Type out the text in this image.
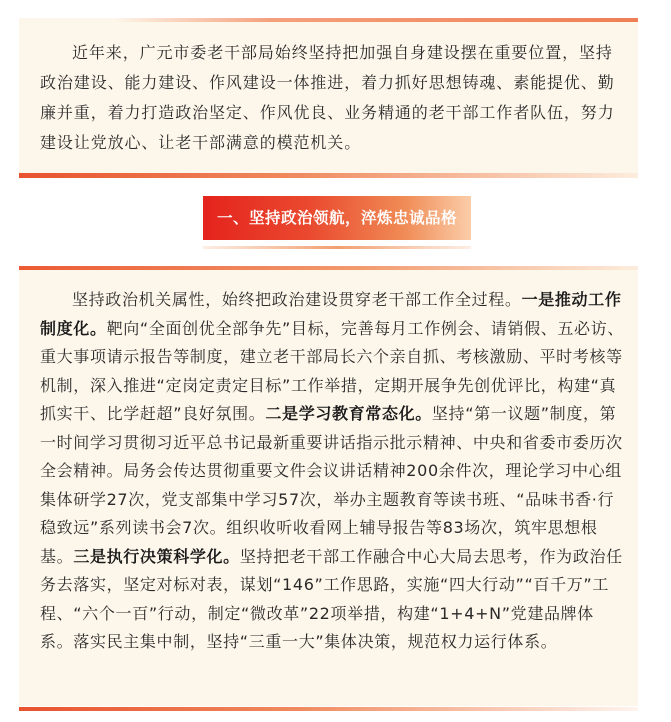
近年来，广元市委老干部局始终坚持把加强自身建设摆在重要位置，坚持政治建设、能力建设、作风建设一体推进，着力抓好思想铸魂、素能提优、勤廉并重，着力打造政治坚定、作风优良、业务精通的老干部工作者队伍，努力建设让党放心、让老干部满意的模范机关。

一、坚持政治领航，淬炼忠诚品格

坚持政治机关属性，始终把政治建设贯穿老干部工作全过程。一是推动工作制度化。靶向“全面创优全部争先”目标，完善每月工作例会、请销假、五必访、重大事项请示报告等制度，建立老干部局长六个亲自抓、考核激励、平时考核等机制，深入推进“定岗定责定目标”工作举措，定期开展争先创优评比，构建“真抓实干、比学赶超”良好氛围。二是学习教育常态化。坚持“第一议题”制度，第一时间学习贯彻习近平总书记最新重要讲话指示批示精神、中央和省委市委历次全会精神。局务会传达贯彻重要文件会议讲话精神200余件次，理论学习中心组集体研学27次，党支部集中学习57次，举办主题教育等读书班、“品味书香·行稳致远”系列读书会7次。组织收听收看网上辅导报告等83场次，筑牢思想根基。三是执行决策科学化。坚持把老干部工作融合中心大局去思考，作为政治任务去落实，坚定对标对表，谋划“146”工作思路，实施“四大行动”“百千万”工程、“六个一百”行动，制定“微改革”22项举措，构建“1+4+N”党建品牌体系。落实民主集中制，坚持“三重一大”集体决策，规范权力运行体系。
